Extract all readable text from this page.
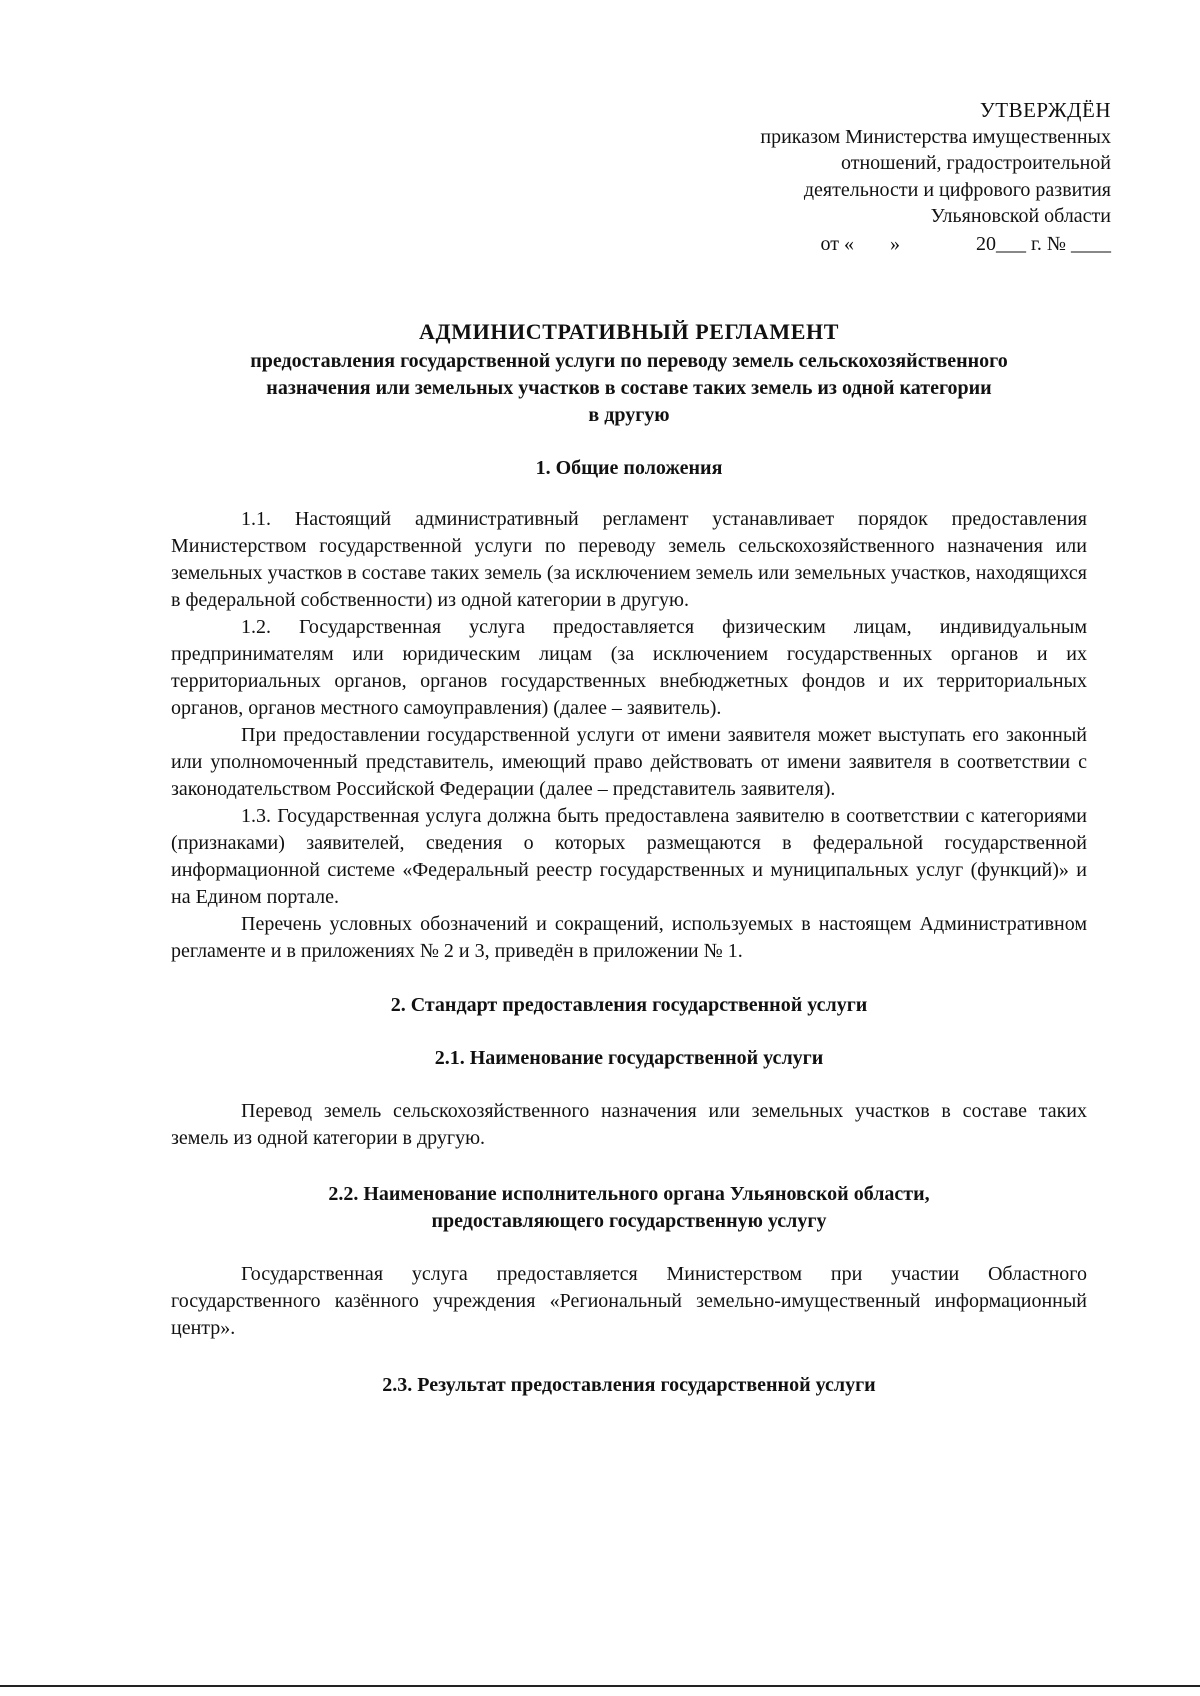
УТВЕРЖДЁН
приказом Министерства имущественных
отношений, градостроительной
деятельности и цифрового развития
Ульяновской области
от « »	20___ г. № ____
АДМИНИСТРАТИВНЫЙ РЕГЛАМЕНТ
предоставления государственной услуги по переводу земель сельскохозяйственного
назначения или земельных участков в составе таких земель из одной категории
в другую
1. Общие положения

1.1. Настоящий административный регламент устанавливает порядок предоставления Министерством государственной услуги по переводу земель сельскохозяйственного назначения или земельных участков в составе таких земель (за исключением земель или земельных участков, находящихся в федеральной собственности) из одной категории в другую.

1.2. Государственная услуга предоставляется физическим лицам, индивидуальным предпринимателям или юридическим лицам (за исключением государственных органов и их территориальных органов, органов государственных внебюджетных фондов и их территориальных органов, органов местного самоуправления) (далее – заявитель).

При предоставлении государственной услуги от имени заявителя может выступать его законный или уполномоченный представитель, имеющий право действовать от имени заявителя в соответствии с законодательством Российской Федерации (далее – представитель заявителя).

1.3. Государственная услуга должна быть предоставлена заявителю в соответствии с категориями (признаками) заявителей, сведения о которых размещаются в федеральной государственной информационной системе «Федеральный реестр государственных и муниципальных услуг (функций)» и на Едином портале.

Перечень условных обозначений и сокращений, используемых в настоящем Административном регламенте и в приложениях № 2 и 3, приведён в приложении № 1.

2. Стандарт предоставления государственной услуги
2.1. Наименование государственной услуги

Перевод земель сельскохозяйственного назначения или земельных участков в составе таких земель из одной категории в другую.

2.2. Наименование исполнительного органа Ульяновской области,
предоставляющего государственную услугу

Государственная услуга предоставляется Министерством при участии Областного государственного казённого учреждения «Региональный земельно-имущественный информационный центр».

2.3. Результат предоставления государственной услуги
